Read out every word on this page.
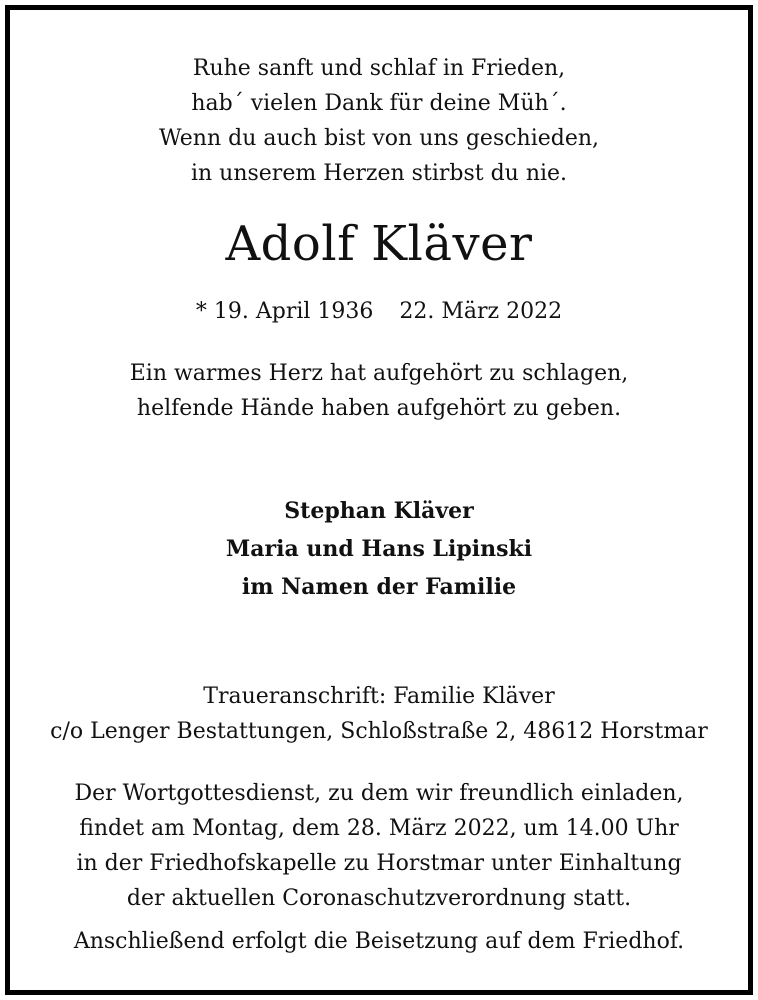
Ruhe sanft und schlaf in Frieden,
hab´ vielen Dank für deine Müh´.
Wenn du auch bist von uns geschieden,
in unserem Herzen stirbst du nie.
Adolf Kläver
* 19. April 1936 22. März 2022
Ein warmes Herz hat aufgehört zu schlagen,
helfende Hände haben aufgehört zu geben.
Stephan Kläver
Maria und Hans Lipinski
im Namen der Familie
Traueranschrift: Familie Kläver
c/o Lenger Bestattungen, Schloßstraße 2, 48612 Horstmar
Der Wortgottesdienst, zu dem wir freundlich einladen,
findet am Montag, dem 28. März 2022, um 14.00 Uhr
in der Friedhofskapelle zu Horstmar unter Einhaltung
der aktuellen Coronaschutzverordnung statt.
Anschließend erfolgt die Beisetzung auf dem Friedhof.
